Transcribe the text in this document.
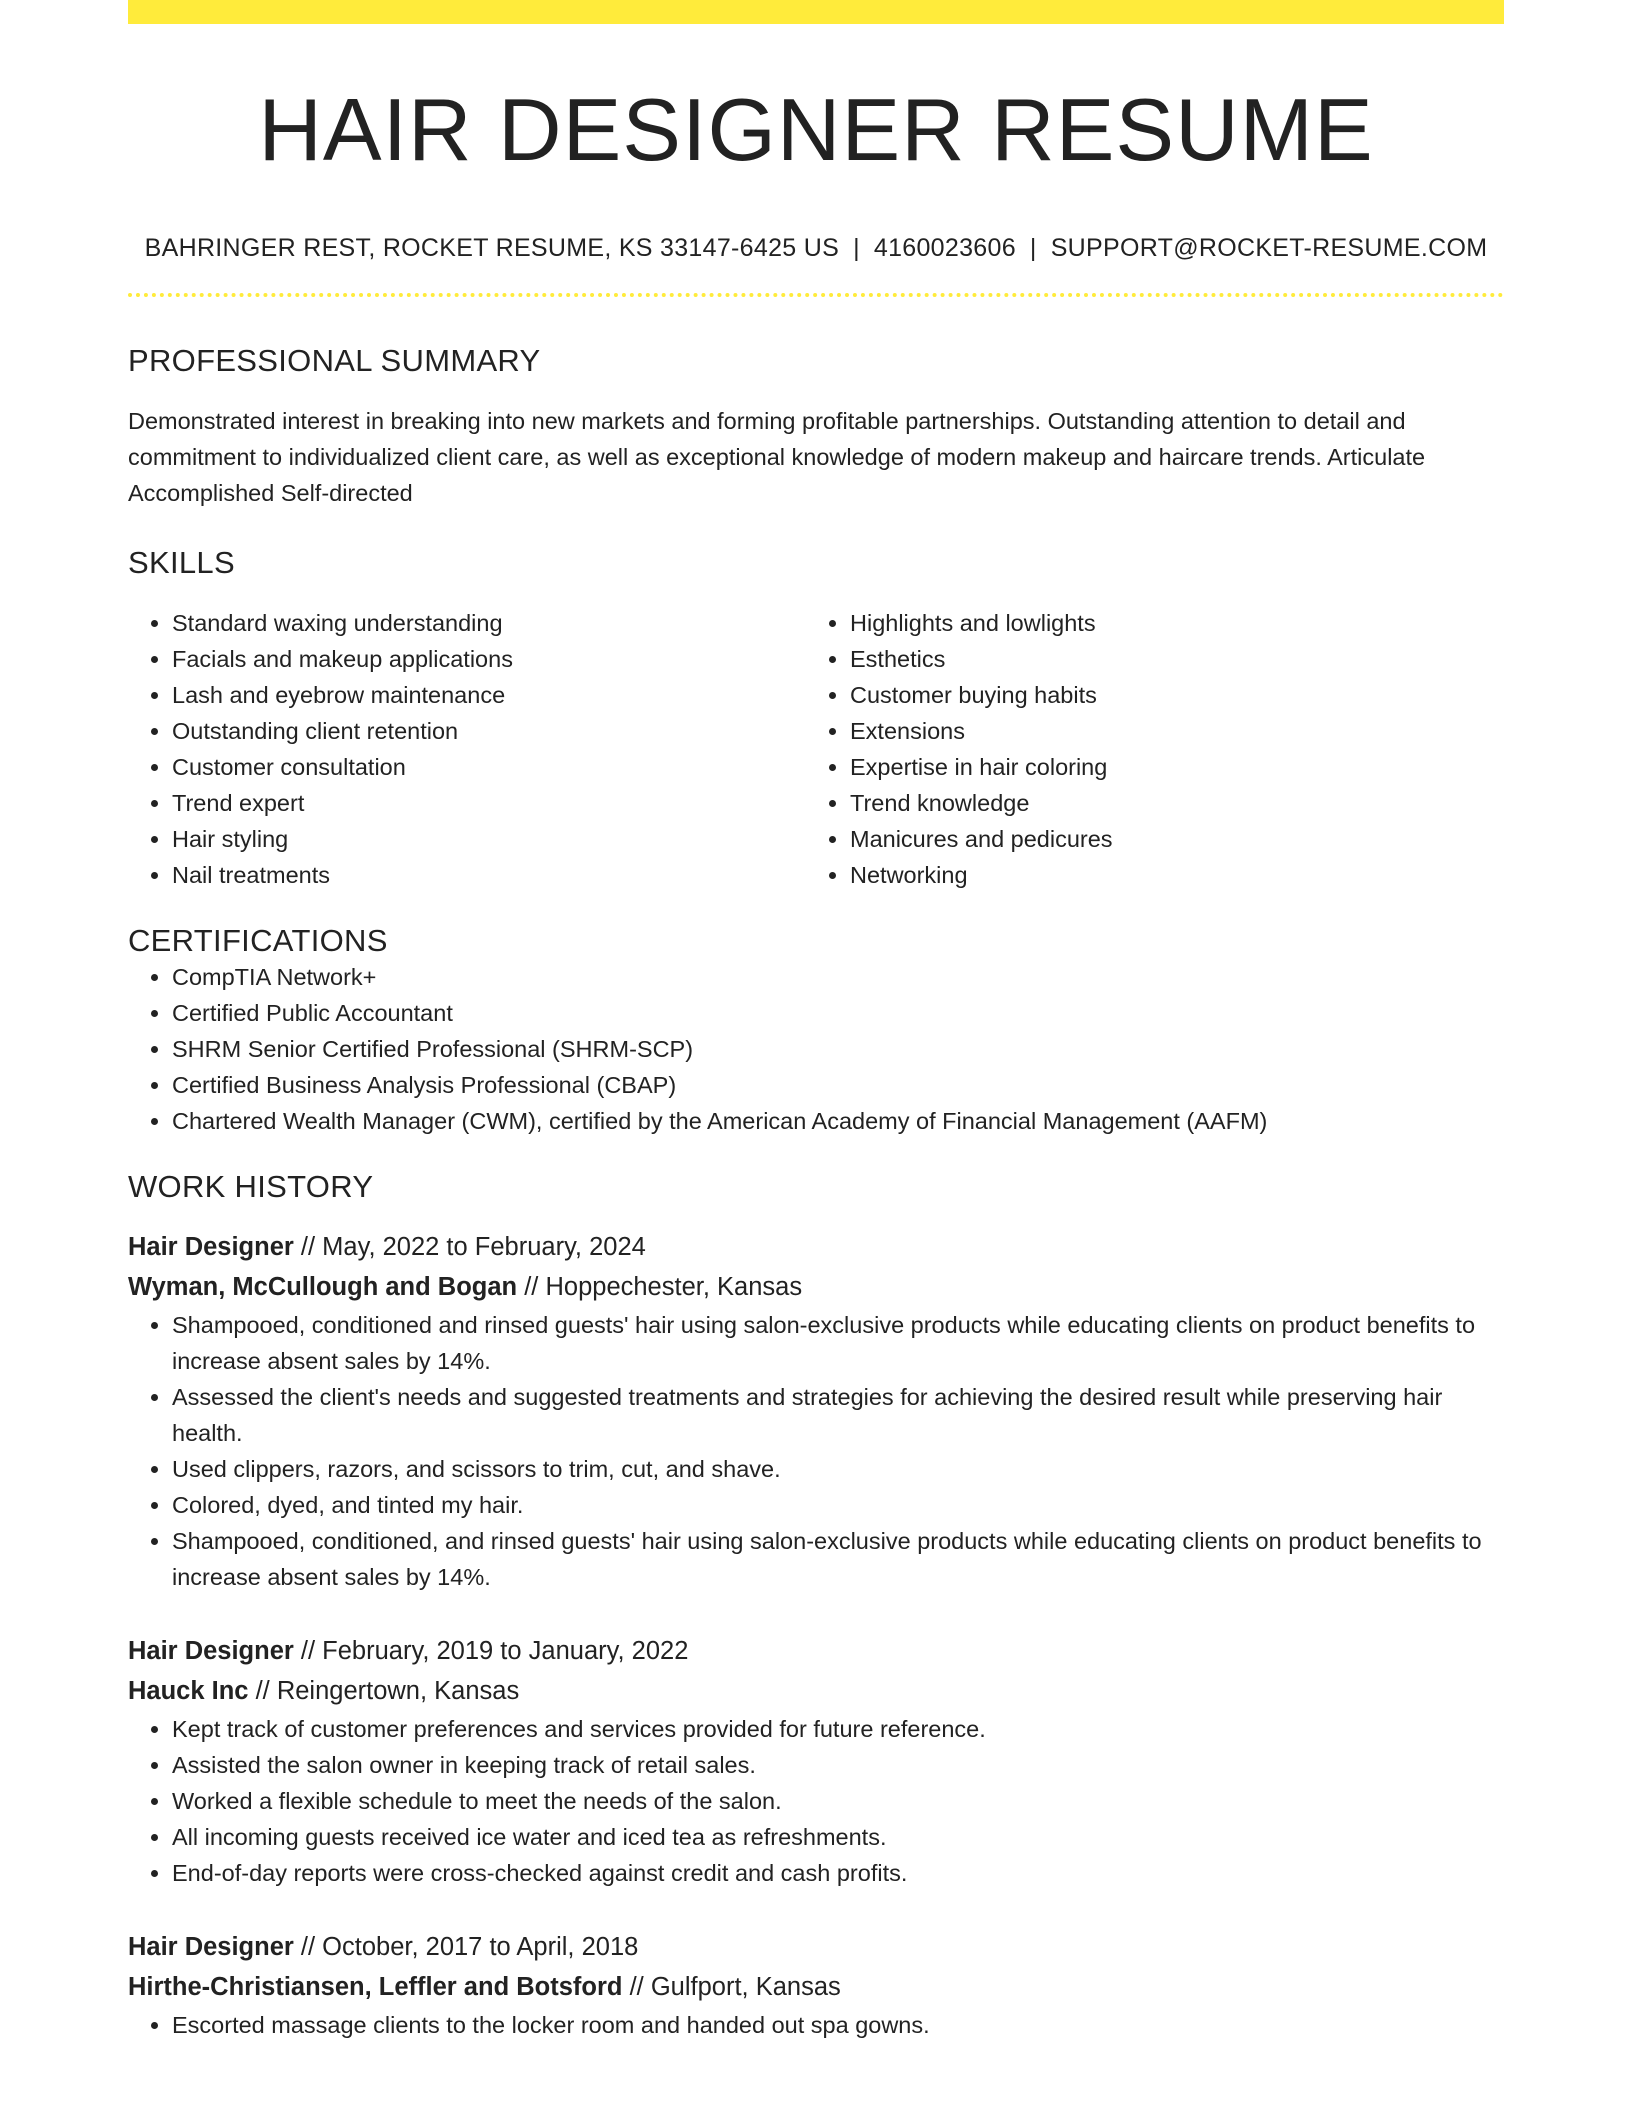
HAIR DESIGNER RESUME
BAHRINGER REST, ROCKET RESUME, KS 33147-6425 US | 4160023606 | SUPPORT@ROCKET-RESUME.COM
PROFESSIONAL SUMMARY
Demonstrated interest in breaking into new markets and forming profitable partnerships. Outstanding attention to detail and commitment to individualized client care, as well as exceptional knowledge of modern makeup and haircare trends. Articulate Accomplished Self-directed
SKILLS
• Standard waxing understanding
• Facials and makeup applications
• Lash and eyebrow maintenance
• Outstanding client retention
• Customer consultation
• Trend expert
• Hair styling
• Nail treatments
• Highlights and lowlights
• Esthetics
• Customer buying habits
• Extensions
• Expertise in hair coloring
• Trend knowledge
• Manicures and pedicures
• Networking
CERTIFICATIONS
• CompTIA Network+
• Certified Public Accountant
• SHRM Senior Certified Professional (SHRM-SCP)
• Certified Business Analysis Professional (CBAP)
• Chartered Wealth Manager (CWM), certified by the American Academy of Financial Management (AAFM)
WORK HISTORY
Hair Designer // May, 2022 to February, 2024
Wyman, McCullough and Bogan // Hoppechester, Kansas
• Shampooed, conditioned and rinsed guests' hair using salon-exclusive products while educating clients on product benefits to increase absent sales by 14%.
• Assessed the client's needs and suggested treatments and strategies for achieving the desired result while preserving hair health.
• Used clippers, razors, and scissors to trim, cut, and shave.
• Colored, dyed, and tinted my hair.
• Shampooed, conditioned, and rinsed guests' hair using salon-exclusive products while educating clients on product benefits to increase absent sales by 14%.
Hair Designer // February, 2019 to January, 2022
Hauck Inc // Reingertown, Kansas
• Kept track of customer preferences and services provided for future reference.
• Assisted the salon owner in keeping track of retail sales.
• Worked a flexible schedule to meet the needs of the salon.
• All incoming guests received ice water and iced tea as refreshments.
• End-of-day reports were cross-checked against credit and cash profits.
Hair Designer // October, 2017 to April, 2018
Hirthe-Christiansen, Leffler and Botsford // Gulfport, Kansas
• Escorted massage clients to the locker room and handed out spa gowns.
